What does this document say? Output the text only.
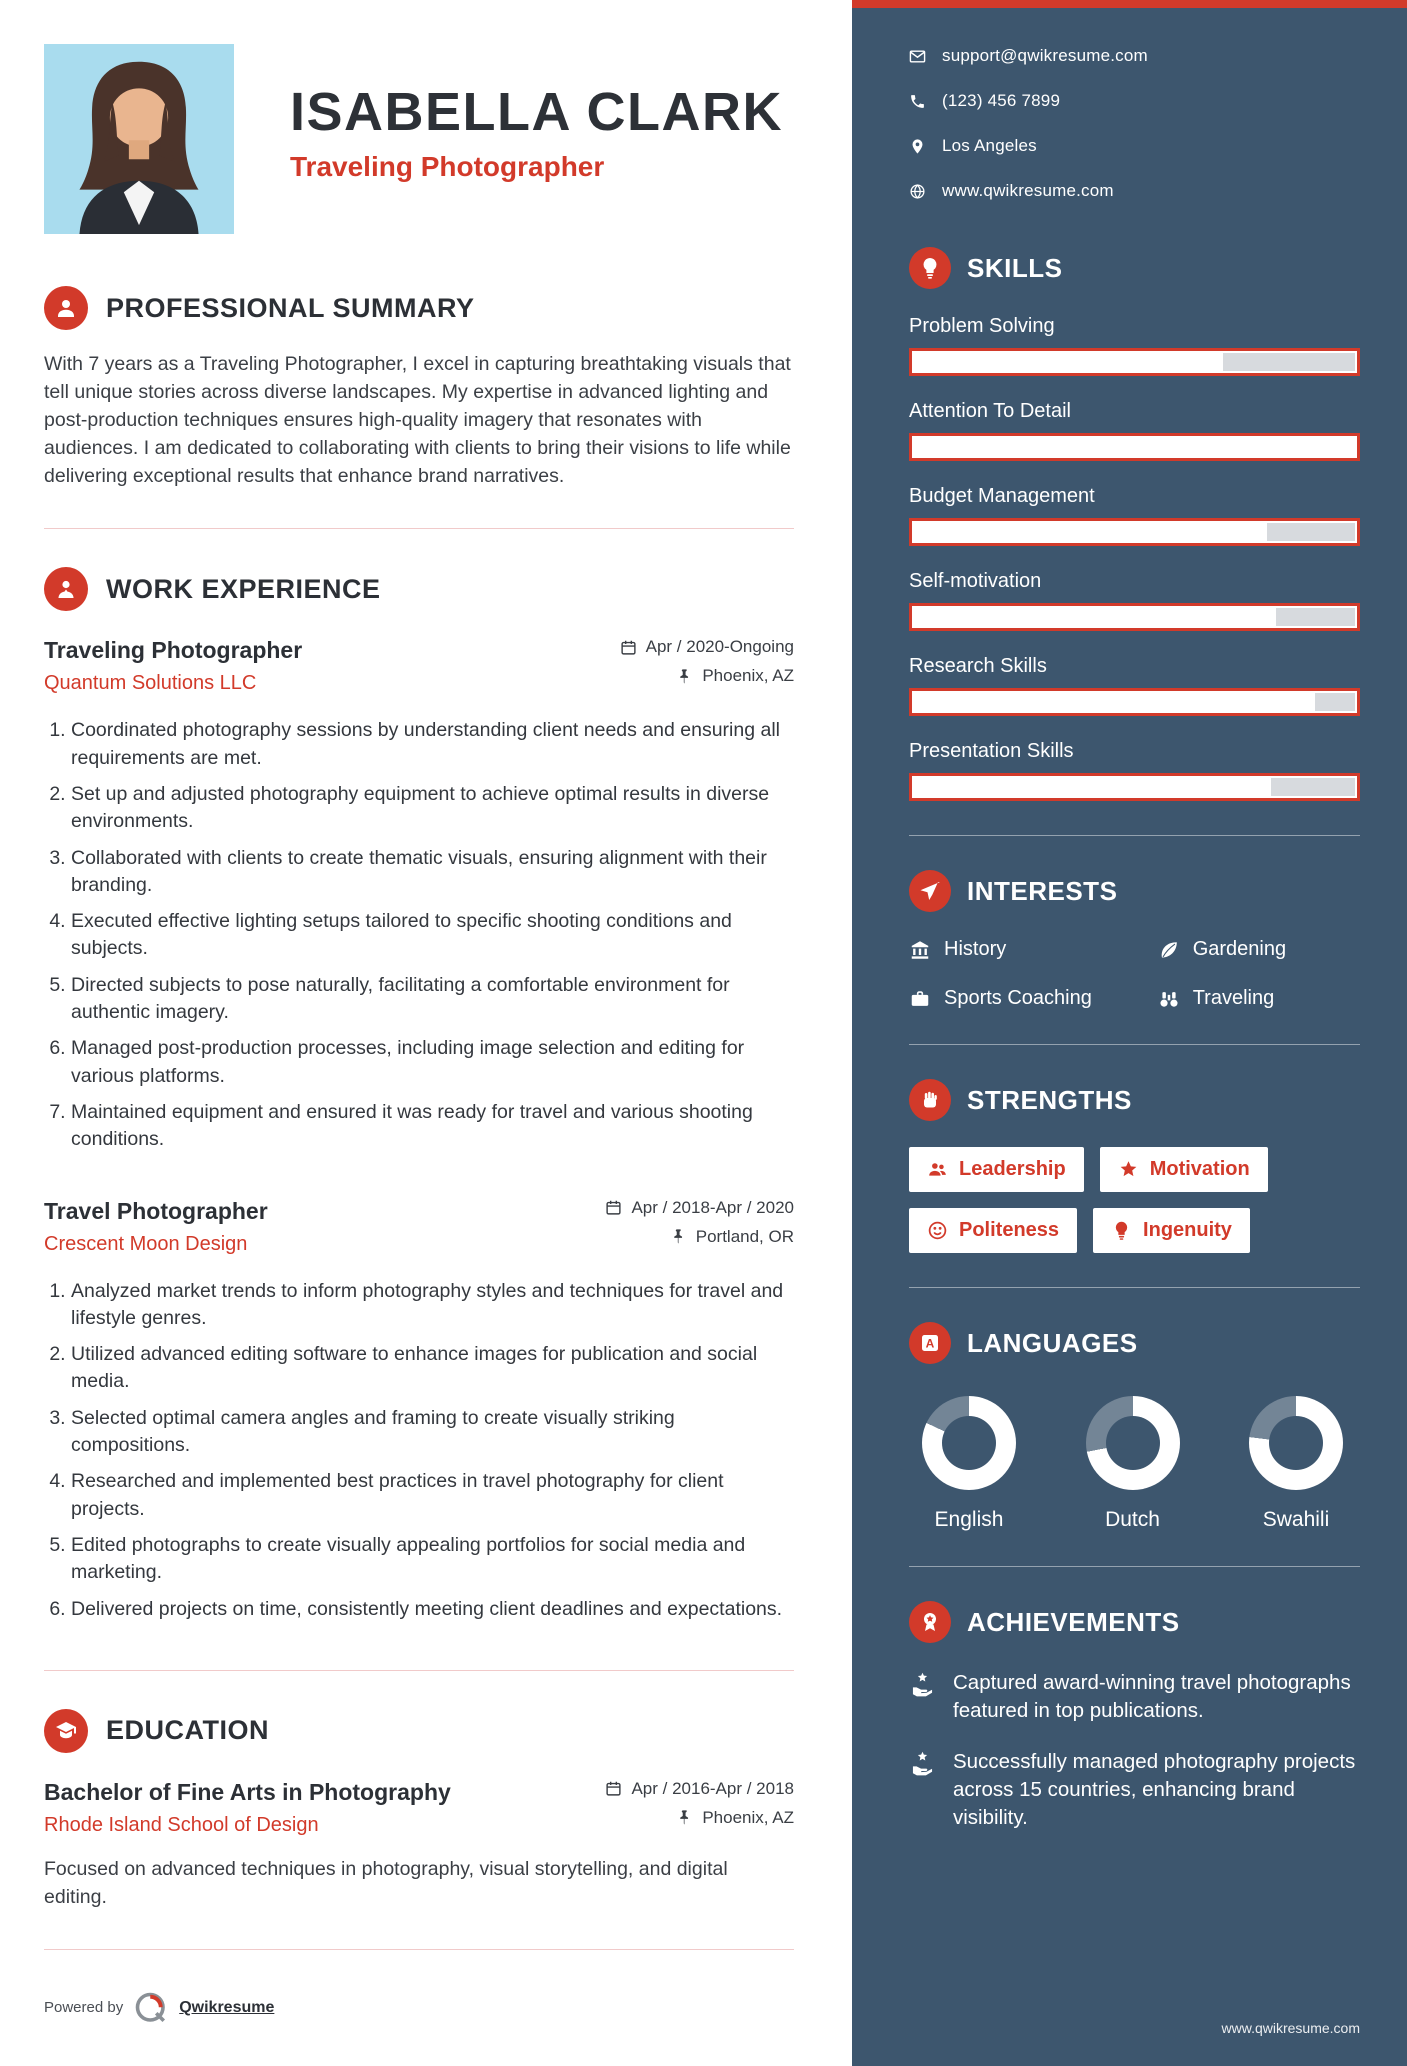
ISABELLA CLARK
Traveling Photographer
PROFESSIONAL SUMMARY

With 7 years as a Traveling Photographer, I excel in capturing breathtaking visuals that tell unique stories across diverse landscapes. My expertise in advanced lighting and post-production techniques ensures high-quality imagery that resonates with audiences. I am dedicated to collaborating with clients to bring their visions to life while delivering exceptional results that enhance brand narratives.

WORK EXPERIENCE
Traveling Photographer
Quantum Solutions LLC
Apr / 2020-Ongoing
Phoenix, AZ
1. Coordinated photography sessions by understanding client needs and ensuring all requirements are met.
2. Set up and adjusted photography equipment to achieve optimal results in diverse environments.
3. Collaborated with clients to create thematic visuals, ensuring alignment with their branding.
4. Executed effective lighting setups tailored to specific shooting conditions and subjects.
5. Directed subjects to pose naturally, facilitating a comfortable environment for authentic imagery.
6. Managed post-production processes, including image selection and editing for various platforms.
7. Maintained equipment and ensured it was ready for travel and various shooting conditions.
Travel Photographer
Crescent Moon Design
Apr / 2018-Apr / 2020
Portland, OR
1. Analyzed market trends to inform photography styles and techniques for travel and lifestyle genres.
2. Utilized advanced editing software to enhance images for publication and social media.
3. Selected optimal camera angles and framing to create visually striking compositions.
4. Researched and implemented best practices in travel photography for client projects.
5. Edited photographs to create visually appealing portfolios for social media and marketing.
6. Delivered projects on time, consistently meeting client deadlines and expectations.
EDUCATION
Bachelor of Fine Arts in Photography
Rhode Island School of Design
Apr / 2016-Apr / 2018
Phoenix, AZ

Focused on advanced techniques in photography, visual storytelling, and digital editing.

Powered by	Qwikresume
support@qwikresume.com
(123) 456 7899
Los Angeles
www.qwikresume.com
SKILLS
Problem Solving
Attention To Detail
Budget Management
Self-motivation
Research Skills
Presentation Skills
INTERESTS
History	Gardening
Sports Coaching	Traveling
STRENGTHS
Leadership	Motivation
Politeness	Ingenuity
A LANGUAGES
English	Dutch	Swahili
ACHIEVEMENTS

Captured award-winning travel photographs featured in top publications.

Successfully managed photography projects across 15 countries, enhancing brand visibility.

www.qwikresume.com
